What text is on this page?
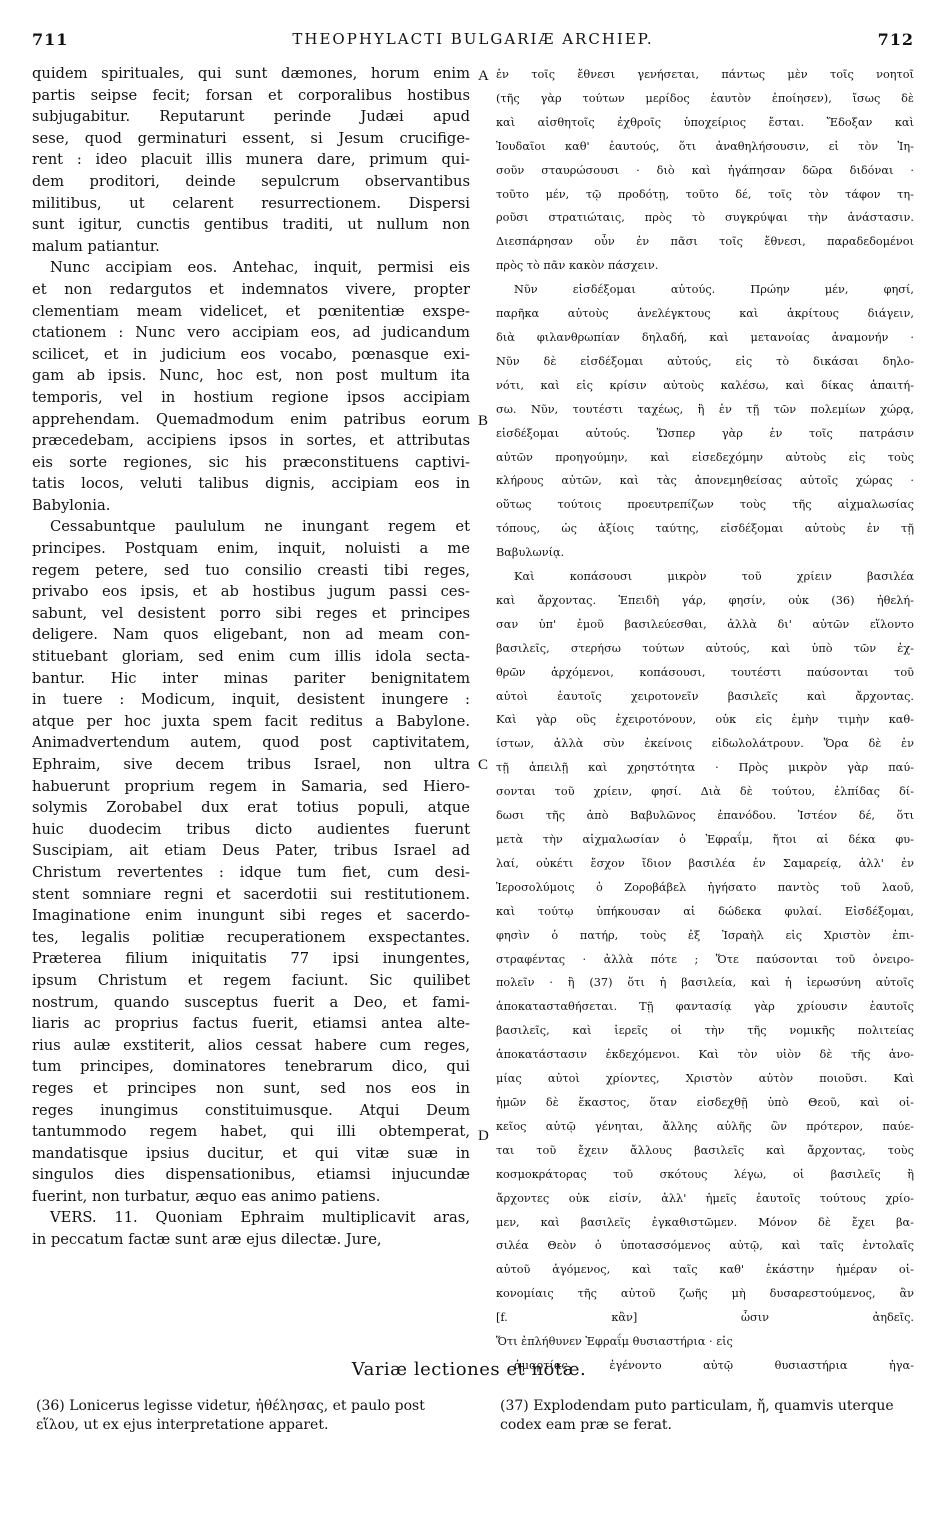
711	THEOPHYLACTI BULGARIÆ ARCHIEP.	712
quidem spirituales, qui sunt dæmones, horum enim
partis seipse fecit; forsan et corporalibus hostibus
subjugabitur. Reputarunt perinde Judæi apud
sese, quod germinaturi essent, si Jesum crucifige-
rent : ideo placuit illis munera dare, primum qui-
dem proditori, deinde sepulcrum observantibus
militibus, ut celarent resurrectionem. Dispersi
sunt igitur, cunctis gentibus traditi, ut nullum non
malum patiantur.
Nunc accipiam eos. Antehac, inquit, permisi eis
et non redargutos et indemnatos vivere, propter
clementiam meam videlicet, et pœnitentiæ exspe-
ctationem : Nunc vero accipiam eos, ad judicandum
scilicet, et in judicium eos vocabo, pœnasque exi-
gam ab ipsis. Nunc, hoc est, non post multum ita
temporis, vel in hostium regione ipsos accipiam
apprehendam. Quemadmodum enim patribus eorum
præcedebam, accipiens ipsos in sortes, et attributas
eis sorte regiones, sic his præconstituens captivi-
tatis locos, veluti talibus dignis, accipiam eos in
Babylonia.
Cessabuntque paululum ne inungant regem et
principes. Postquam enim, inquit, noluisti a me
regem petere, sed tuo consilio creasti tibi reges,
privabo eos ipsis, et ab hostibus jugum passi ces-
sabunt, vel desistent porro sibi reges et principes
deligere. Nam quos eligebant, non ad meam con-
stituebant gloriam, sed enim cum illis idola secta-
bantur. Hic inter minas pariter benignitatem
in tuere : Modicum, inquit, desistent inungere :
atque per hoc juxta spem facit reditus a Babylone.
Animadvertendum autem, quod post captivitatem,
Ephraim, sive decem tribus Israel, non ultra
habuerunt proprium regem in Samaria, sed Hiero-
solymis Zorobabel dux erat totius populi, atque
huic duodecim tribus dicto audientes fuerunt
Suscipiam, ait etiam Deus Pater, tribus Israel ad
Christum revertentes : idque tum fiet, cum desi-
stent somniare regni et sacerdotii sui restitutionem.
Imaginatione enim inungunt sibi reges et sacerdo-
tes, legalis politiæ recuperationem exspectantes.
Præterea filium iniquitatis 77 ipsi inungentes,
ipsum Christum et regem faciunt. Sic quilibet
nostrum, quando susceptus fuerit a Deo, et fami-
liaris ac proprius factus fuerit, etiamsi antea alte-
rius aulæ exstiterit, alios cessat habere cum reges,
tum principes, dominatores tenebrarum dico, qui
reges et principes non sunt, sed nos eos in
reges inungimus constituimusque. Atqui Deum
tantummodo regem habet, qui illi obtemperat,
mandatisque ipsius ducitur, et qui vitæ suæ in
singulos dies dispensationibus, etiamsi injucundæ
fuerint, non turbatur, æquo eas animo patiens.
VERS. 11. Quoniam Ephraim multiplicavit aras,
in peccatum factæ sunt aræ ejus dilectæ. Jure,
A
B
C
D
ἐν τοῖς ἔθνεσι γενήσεται, πάντως μὲν τοῖς νοητοῖ
(τῆς γὰρ τούτων μερίδος ἑαυτὸν ἐποίησεν), ἴσως δὲ
καὶ αἰσθητοῖς ἐχθροῖς ὑποχείριος ἔσται. Ἔδοξαν καὶ
Ἰουδαῖοι καθ' ἑαυτούς, ὅτι ἀναθηλήσουσιν, εἰ τὸν Ἰη-
σοῦν σταυρώσουσι · διὸ καὶ ἠγάπησαν δῶρα διδόναι ·
τοῦτο μέν, τῷ προδότῃ, τοῦτο δέ, τοῖς τὸν τάφον τη-
ροῦσι στρατιώταις, πρὸς τὸ συγκρύψαι τὴν ἀνάστασιν.
Διεσπάρησαν οὖν ἐν πᾶσι τοῖς ἔθνεσι, παραδεδομένοι
πρὸς τὸ πᾶν κακὸν πάσχειν.
Νῦν εἰσδέξομαι αὐτούς. Πρώην μέν, φησί,
παρῆκα αὐτοὺς ἀνελέγκτους καὶ ἀκρίτους διάγειν,
διὰ φιλανθρωπίαν δηλαδή, καὶ μετανοίας ἀναμονήν ·
Νῦν δὲ εἰσδέξομαι αὐτούς, εἰς τὸ δικάσαι δηλο-
νότι, καὶ εἰς κρίσιν αὐτοὺς καλέσω, καὶ δίκας ἀπαιτή-
σω. Νῦν, τουτέστι ταχέως, ἢ ἐν τῇ τῶν πολεμίων χώρᾳ,
εἰσδέξομαι αὐτούς. Ὥσπερ γὰρ ἐν τοῖς πατράσιν
αὐτῶν προηγούμην, καὶ εἰσεδεχόμην αὐτοὺς εἰς τοὺς
κλήρους αὐτῶν, καὶ τὰς ἀπονεμηθείσας αὐτοῖς χώρας ·
οὕτως τούτοις προευτρεπίζων τοὺς τῆς αἰχμαλωσίας
τόπους, ὡς ἀξίοις ταύτης, εἰσδέξομαι αὐτοὺς ἐν τῇ
Βαβυλωνίᾳ.
Καὶ κοπάσουσι μικρὸν τοῦ χρίειν βασιλέα
καὶ ἄρχοντας. Ἐπειδὴ γάρ, φησίν, οὐκ (36) ἠθελή-
σαν ὑπ' ἐμοῦ βασιλεύεσθαι, ἀλλὰ δι' αὐτῶν εἵλοντο
βασιλεῖς, στερήσω τούτων αὐτούς, καὶ ὑπὸ τῶν ἐχ-
θρῶν ἀρχόμενοι, κοπάσουσι, τουτέστι παύσονται τοῦ
αὐτοὶ ἑαυτοῖς χειροτονεῖν βασιλεῖς καὶ ἄρχοντας.
Καὶ γὰρ οὓς ἐχειροτόνουν, οὐκ εἰς ἐμὴν τιμὴν καθ-
ίστων, ἀλλὰ σὺν ἐκείνοις εἰδωλολάτρουν. Ὅρα δὲ ἐν
τῇ ἀπειλῇ καὶ χρηστότητα · Πρὸς μικρὸν γὰρ παύ-
σονται τοῦ χρίειν, φησί. Διὰ δὲ τούτου, ἐλπίδας δί-
δωσι τῆς ἀπὸ Βαβυλῶνος ἐπανόδου. Ἰστέον δέ, ὅτι
μετὰ τὴν αἰχμαλωσίαν ὁ Ἐφραΐμ, ἤτοι αἱ δέκα φυ-
λαί, οὐκέτι ἔσχον ἴδιον βασιλέα ἐν Σαμαρείᾳ, ἀλλ' ἐν
Ἱεροσολύμοις ὁ Ζοροβάβελ ἡγήσατο παντὸς τοῦ λαοῦ,
καὶ τούτῳ ὑπήκουσαν αἱ δώδεκα φυλαί. Εἰσδέξομαι,
φησὶν ὁ πατήρ, τοὺς ἐξ Ἰσραὴλ εἰς Χριστὸν ἐπι-
στραφέντας · ἀλλὰ πότε ; Ὅτε παύσονται τοῦ ὀνειρο-
πολεῖν · ἢ (37) ὅτι ἡ βασιλεία, καὶ ἡ ἱερωσύνη αὐτοῖς
ἀποκατασταθήσεται. Τῇ φαντασίᾳ γὰρ χρίουσιν ἑαυτοῖς
βασιλεῖς, καὶ ἱερεῖς οἱ τὴν τῆς νομικῆς πολιτείας
ἀποκατάστασιν ἐκδεχόμενοι. Καὶ τὸν υἱὸν δὲ τῆς ἀνο-
μίας αὐτοὶ χρίοντες, Χριστὸν αὐτὸν ποιοῦσι. Καὶ
ἡμῶν δὲ ἕκαστος, ὅταν εἰσδεχθῇ ὑπὸ Θεοῦ, καὶ οἰ-
κεῖος αὐτῷ γένηται, ἄλλης αὐλῆς ὢν πρότερον, παύε-
ται τοῦ ἔχειν ἄλλους βασιλεῖς καὶ ἄρχοντας, τοὺς
κοσμοκράτορας τοῦ σκότους λέγω, οἱ βασιλεῖς ἢ
ἄρχοντες οὐκ εἰσίν, ἀλλ' ἡμεῖς ἑαυτοῖς τούτους χρίο-
μεν, καὶ βασιλεῖς ἐγκαθιστῶμεν. Μόνον δὲ ἔχει βα-
σιλέα Θεὸν ὁ ὑποτασσόμενος αὐτῷ, καὶ ταῖς ἐντολαῖς
αὐτοῦ ἀγόμενος, καὶ ταῖς καθ' ἑκάστην ἡμέραν οἰ-
κονομίαις τῆς αὐτοῦ ζωῆς μὴ δυσαρεστούμενος, ἂν
[f. κἂν] ὦσιν ἀηδεῖς.
Ὅτι ἐπλήθυνεν Ἐφραΐμ θυσιαστήρια · εἰς
ἁμαρτίας ἐγένοντο αὐτῷ θυσιαστήρια ἠγα-
Variæ lectiones et notæ.
(36) Lonicerus legisse videtur, ἠθέλησας, et paulo post εἵλου, ut ex ejus interpretatione apparet.
(37) Explodendam puto particulam, ἤ, quamvis uterque codex eam præ se ferat.
